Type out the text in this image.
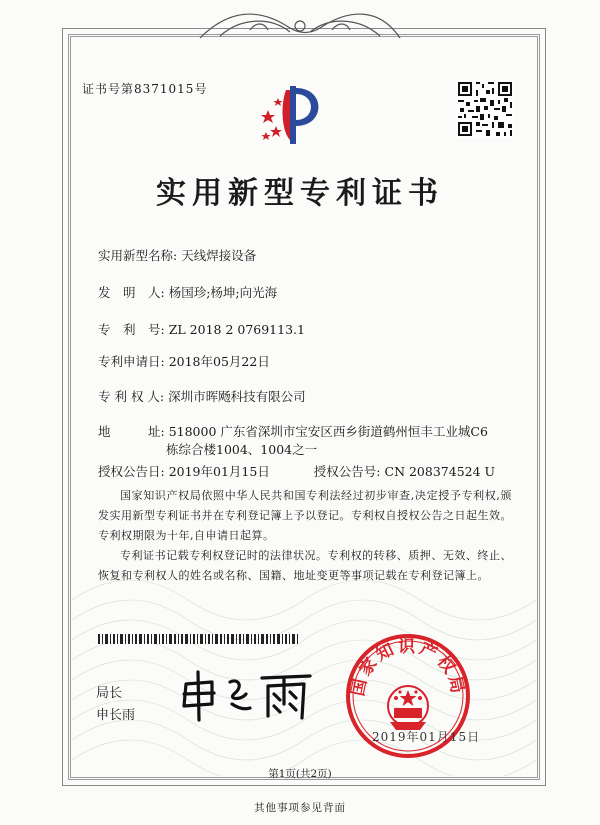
证书号第8371015号
实用新型专利证书
实用新型名称: 天线焊接设备
发　明　人: 杨国珍;杨坤;向光海
专　利　号: ZL 2018 2 0769113.1
专利申请日: 2018年05月22日
专 利 权 人: 深圳市晖飏科技有限公司
地　　　址: 518000 广东省深圳市宝安区西乡街道鹤州恒丰工业城C6
栋综合楼1004、1004之一
授权公告日: 2019年01月15日	授权公告号: CN 208374524 U
国家知识产权局依照中华人民共和国专利法经过初步审查,决定授予专利权,颁发实用新型专利证书并在专利登记簿上予以登记。专利权自授权公告之日起生效。专利权期限为十年,自申请日起算。
专利证书记载专利权登记时的法律状况。专利权的转移、质押、无效、终止、恢复和专利权人的姓名或名称、国籍、地址变更等事项记载在专利登记簿上。
局长
申长雨
国家知识产权局
2019年01月15日
第1页(共2页)
其他事项参见背面
